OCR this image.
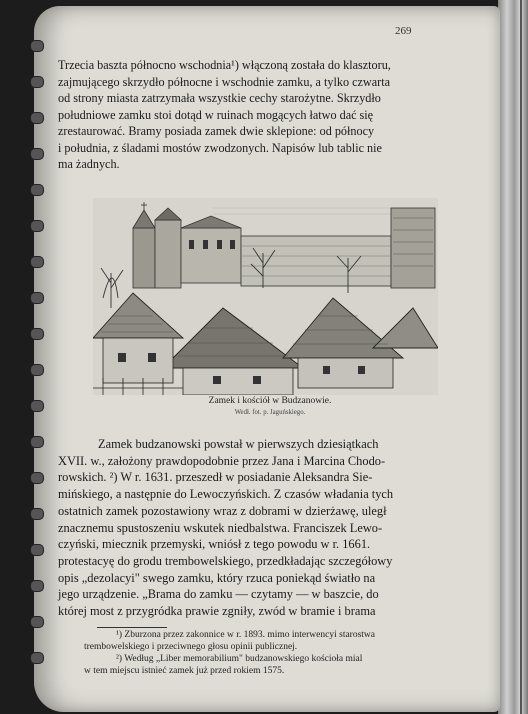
269
Trzecia baszta północno wschodnia¹) włączoną została do klasztoru,
zajmującego skrzydło północne i wschodnie zamku, a tylko czwarta
od strony miasta zatrzymała wszystkie cechy starożytne. Skrzydło
południowe zamku stoi dotąd w ruinach mogących łatwo dać się
zrestaurować. Bramy posiada zamek dwie sklepione: od północy
i południa, z śladami mostów zwodzonych. Napisów lub tablic nie
ma żadnych.
Zamek i kościół w Budzanowie.
Wedł. fot. p. Jaguńskiego.
Zamek budzanowski powstał w pierwszych dziesiątkach
XVII. w., założony prawdopodobnie przez Jana i Marcina Chodo-
rowskich. ²) W r. 1631. przeszedł w posiadanie Aleksandra Sie-
mińskiego, a następnie do Lewoczyńskich. Z czasów władania tych
ostatnich zamek pozostawiony wraz z dobrami w dzierżawę, uległ
znacznemu spustoszeniu wskutek niedbalstwa. Franciszek Lewo-
czyński, miecznik przemyski, wniósł z tego powodu w r. 1661.
protestacyę do grodu trembowelskiego, przedkładając szczegółowy
opis „dezolacyi" swego zamku, który rzuca poniekąd światło na
jego urządzenie. „Brama do zamku — czytamy — w baszcie, do
której most z przygródka prawie zgniły, zwód w bramie i brama
¹) Zburzona przez zakonnice w r. 1893. mimo interwencyi starostwa
trembowelskiego i przeciwnego głosu opinii publicznej.
²) Według „Liber memorabilium" budzanowskiego kościoła mial
w tem miejscu istnieć zamek już przed rokiem 1575.
